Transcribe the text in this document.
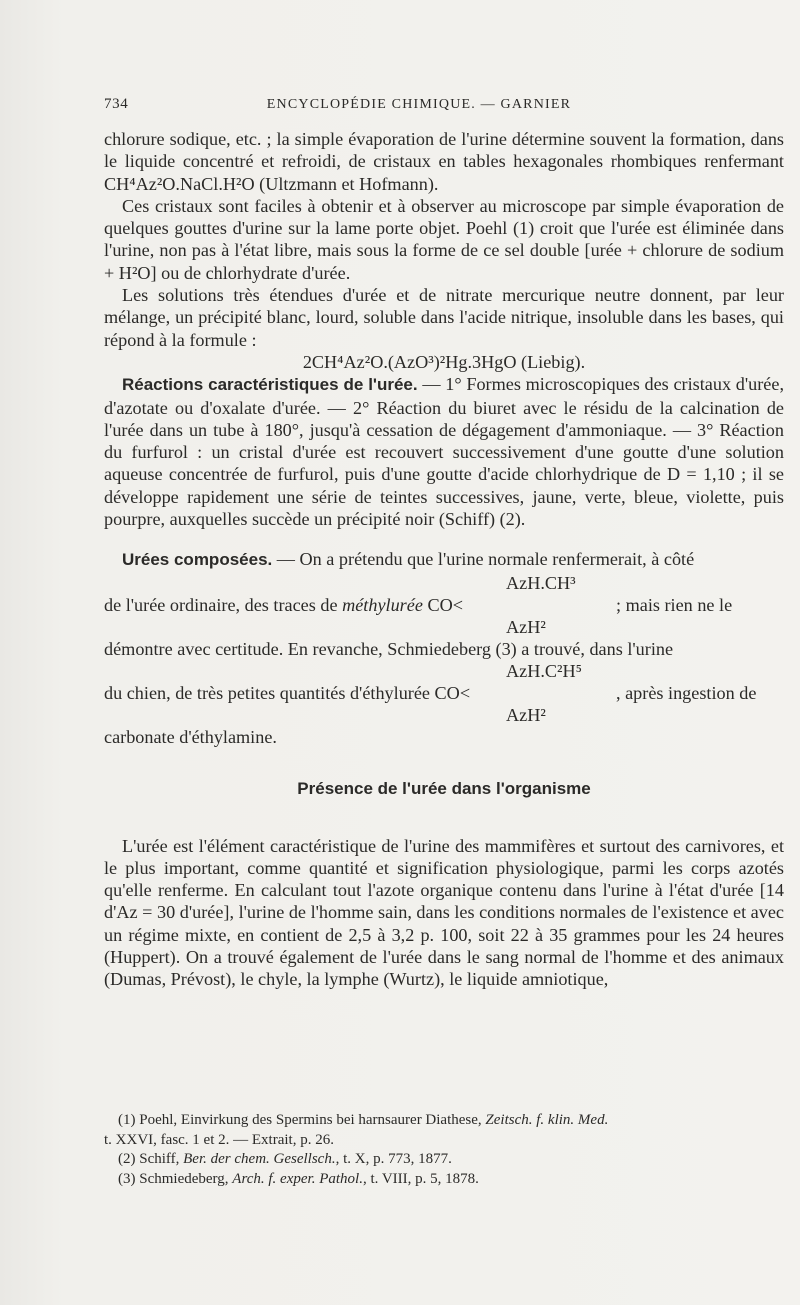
734	ENCYCLOPÉDIE CHIMIQUE. — GARNIER

chlorure sodique, etc. ; la simple évaporation de l'urine détermine souvent la formation, dans le liquide concentré et refroidi, de cristaux en tables hexagonales rhombiques renfermant CH⁴Az²O.NaCl.H²O (Ultzmann et Hofmann).

Ces cristaux sont faciles à obtenir et à observer au microscope par simple évaporation de quelques gouttes d'urine sur la lame porte objet. Poehl (1) croit que l'urée est éliminée dans l'urine, non pas à l'état libre, mais sous la forme de ce sel double [urée + chlorure de sodium + H²O] ou de chlorhydrate d'urée.

Les solutions très étendues d'urée et de nitrate mercurique neutre donnent, par leur mélange, un précipité blanc, lourd, soluble dans l'acide nitrique, insoluble dans les bases, qui répond à la formule :

2CH⁴Az²O.(AzO³)²Hg.3HgO (Liebig).

Réactions caractéristiques de l'urée. — 1° Formes microscopiques des cristaux d'urée, d'azotate ou d'oxalate d'urée. — 2° Réaction du biuret avec le résidu de la calcination de l'urée dans un tube à 180°, jusqu'à cessation de dégagement d'ammoniaque. — 3° Réaction du furfurol : un cristal d'urée est recouvert successivement d'une goutte d'une solution aqueuse concentrée de furfurol, puis d'une goutte d'acide chlorhydrique de D = 1,10 ; il se développe rapidement une série de teintes successives, jaune, verte, bleue, violette, puis pourpre, auxquelles succède un précipité noir (Schiff) (2).

Urées composées. — On a prétendu que l'urine normale renfermerait, à côté

de l'urée ordinaire, des traces de méthylurée CO<
AzH.CH³
AzH²
; mais rien ne le

démontre avec certitude. En revanche, Schmiedeberg (3) a trouvé, dans l'urine

du chien, de très petites quantités d'éthylurée CO<
AzH.C²H⁵
AzH²
, après ingestion de

carbonate d'éthylamine.

Présence de l'urée dans l'organisme

L'urée est l'élément caractéristique de l'urine des mammifères et surtout des carnivores, et le plus important, comme quantité et signification physiologique, parmi les corps azotés qu'elle renferme. En calculant tout l'azote organique contenu dans l'urine à l'état d'urée [14 d'Az = 30 d'urée], l'urine de l'homme sain, dans les conditions normales de l'existence et avec un régime mixte, en contient de 2,5 à 3,2 p. 100, soit 22 à 35 grammes pour les 24 heures (Huppert). On a trouvé également de l'urée dans le sang normal de l'homme et des animaux (Dumas, Prévost), le chyle, la lymphe (Wurtz), le liquide amniotique,

(1) Poehl, Einvirkung des Spermins bei harnsaurer Diathese, Zeitsch. f. klin. Med.

t. XXVI, fasc. 1 et 2. — Extrait, p. 26.

(2) Schiff, Ber. der chem. Gesellsch., t. X, p. 773, 1877.

(3) Schmiedeberg, Arch. f. exper. Pathol., t. VIII, p. 5, 1878.
